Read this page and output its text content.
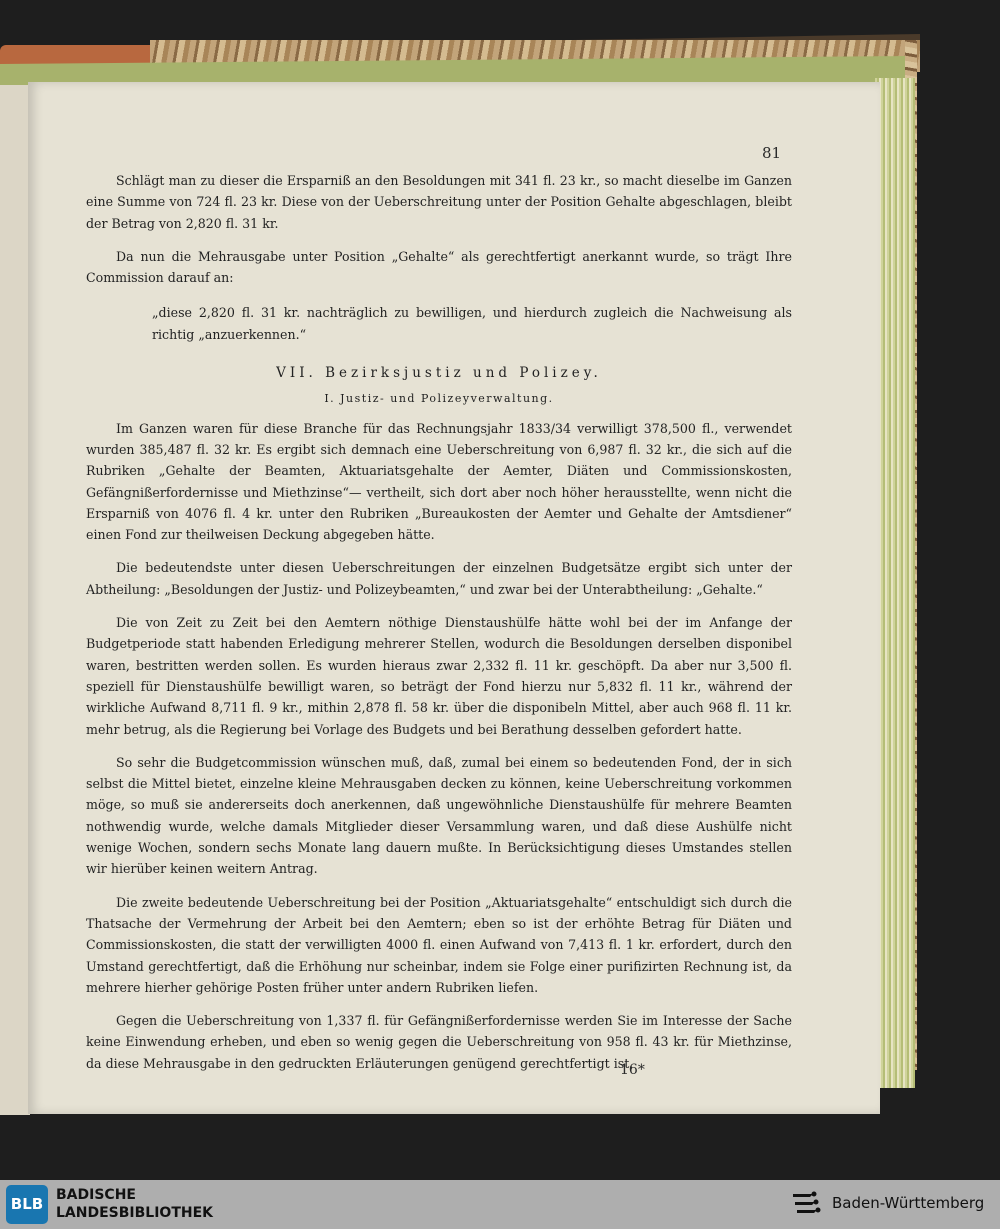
81

Schlägt man zu dieser die Ersparniß an den Besoldungen mit 341 fl. 23 kr., so macht dieselbe im Ganzen eine Summe von 724 fl. 23 kr. Diese von der Ueberschreitung unter der Position Gehalte abgeschlagen, bleibt der Betrag von 2,820 fl. 31 kr.

Da nun die Mehrausgabe unter Position „Gehalte“ als gerechtfertigt anerkannt wurde, so trägt Ihre Commission darauf an:

„diese 2,820 fl. 31 kr. nachträglich zu bewilligen, und hierdurch zugleich die Nachweisung als richtig „anzuerkennen.“

VII. Bezirksjustiz und Polizey.
I. Justiz- und Polizeyverwaltung.

Im Ganzen waren für diese Branche für das Rechnungsjahr 1833/34 verwilligt 378,500 fl., verwendet wurden 385,487 fl. 32 kr. Es ergibt sich demnach eine Ueberschreitung von 6,987 fl. 32 kr., die sich auf die Rubriken „Gehalte der Beamten, Aktuariatsgehalte der Aemter, Diäten und Commissionskosten, Gefängnißerfordernisse und Miethzinse“— vertheilt, sich dort aber noch höher herausstellte, wenn nicht die Ersparniß von 4076 fl. 4 kr. unter den Rubriken „Bureaukosten der Aemter und Gehalte der Amtsdiener“ einen Fond zur theilweisen Deckung abgegeben hätte.

Die bedeutendste unter diesen Ueberschreitungen der einzelnen Budgetsätze ergibt sich unter der Abtheilung: „Besoldungen der Justiz- und Polizeybeamten,“ und zwar bei der Unterabtheilung: „Gehalte.“

Die von Zeit zu Zeit bei den Aemtern nöthige Dienstaushülfe hätte wohl bei der im Anfange der Budgetperiode statt habenden Erledigung mehrerer Stellen, wodurch die Besoldungen derselben disponibel waren, bestritten werden sollen. Es wurden hieraus zwar 2,332 fl. 11 kr. geschöpft. Da aber nur 3,500 fl. speziell für Dienstaushülfe bewilligt waren, so beträgt der Fond hierzu nur 5,832 fl. 11 kr., während der wirkliche Aufwand 8,711 fl. 9 kr., mithin 2,878 fl. 58 kr. über die disponibeln Mittel, aber auch 968 fl. 11 kr. mehr betrug, als die Regierung bei Vorlage des Budgets und bei Berathung desselben gefordert hatte.

So sehr die Budgetcommission wünschen muß, daß, zumal bei einem so bedeutenden Fond, der in sich selbst die Mittel bietet, einzelne kleine Mehrausgaben decken zu können, keine Ueberschreitung vorkommen möge, so muß sie andererseits doch anerkennen, daß ungewöhnliche Dienstaushülfe für mehrere Beamten nothwendig wurde, welche damals Mitglieder dieser Versammlung waren, und daß diese Aushülfe nicht wenige Wochen, sondern sechs Monate lang dauern mußte. In Berücksichtigung dieses Umstandes stellen wir hierüber keinen weitern Antrag.

Die zweite bedeutende Ueberschreitung bei der Position „Aktuariatsgehalte“ entschuldigt sich durch die Thatsache der Vermehrung der Arbeit bei den Aemtern; eben so ist der erhöhte Betrag für Diäten und Commissionskosten, die statt der verwilligten 4000 fl. einen Aufwand von 7,413 fl. 1 kr. erfordert, durch den Umstand gerechtfertigt, daß die Erhöhung nur scheinbar, indem sie Folge einer purifizirten Rechnung ist, da mehrere hierher gehörige Posten früher unter andern Rubriken liefen.

Gegen die Ueberschreitung von 1,337 fl. für Gefängnißerfordernisse werden Sie im Interesse der Sache keine Einwendung erheben, und eben so wenig gegen die Ueberschreitung von 958 fl. 43 kr. für Miethzinse, da diese Mehrausgabe in den gedruckten Erläuterungen genügend gerechtfertigt ist.

16*
BLB BADISCHE
LANDESBIBLIOTHEK
Baden-Württemberg
